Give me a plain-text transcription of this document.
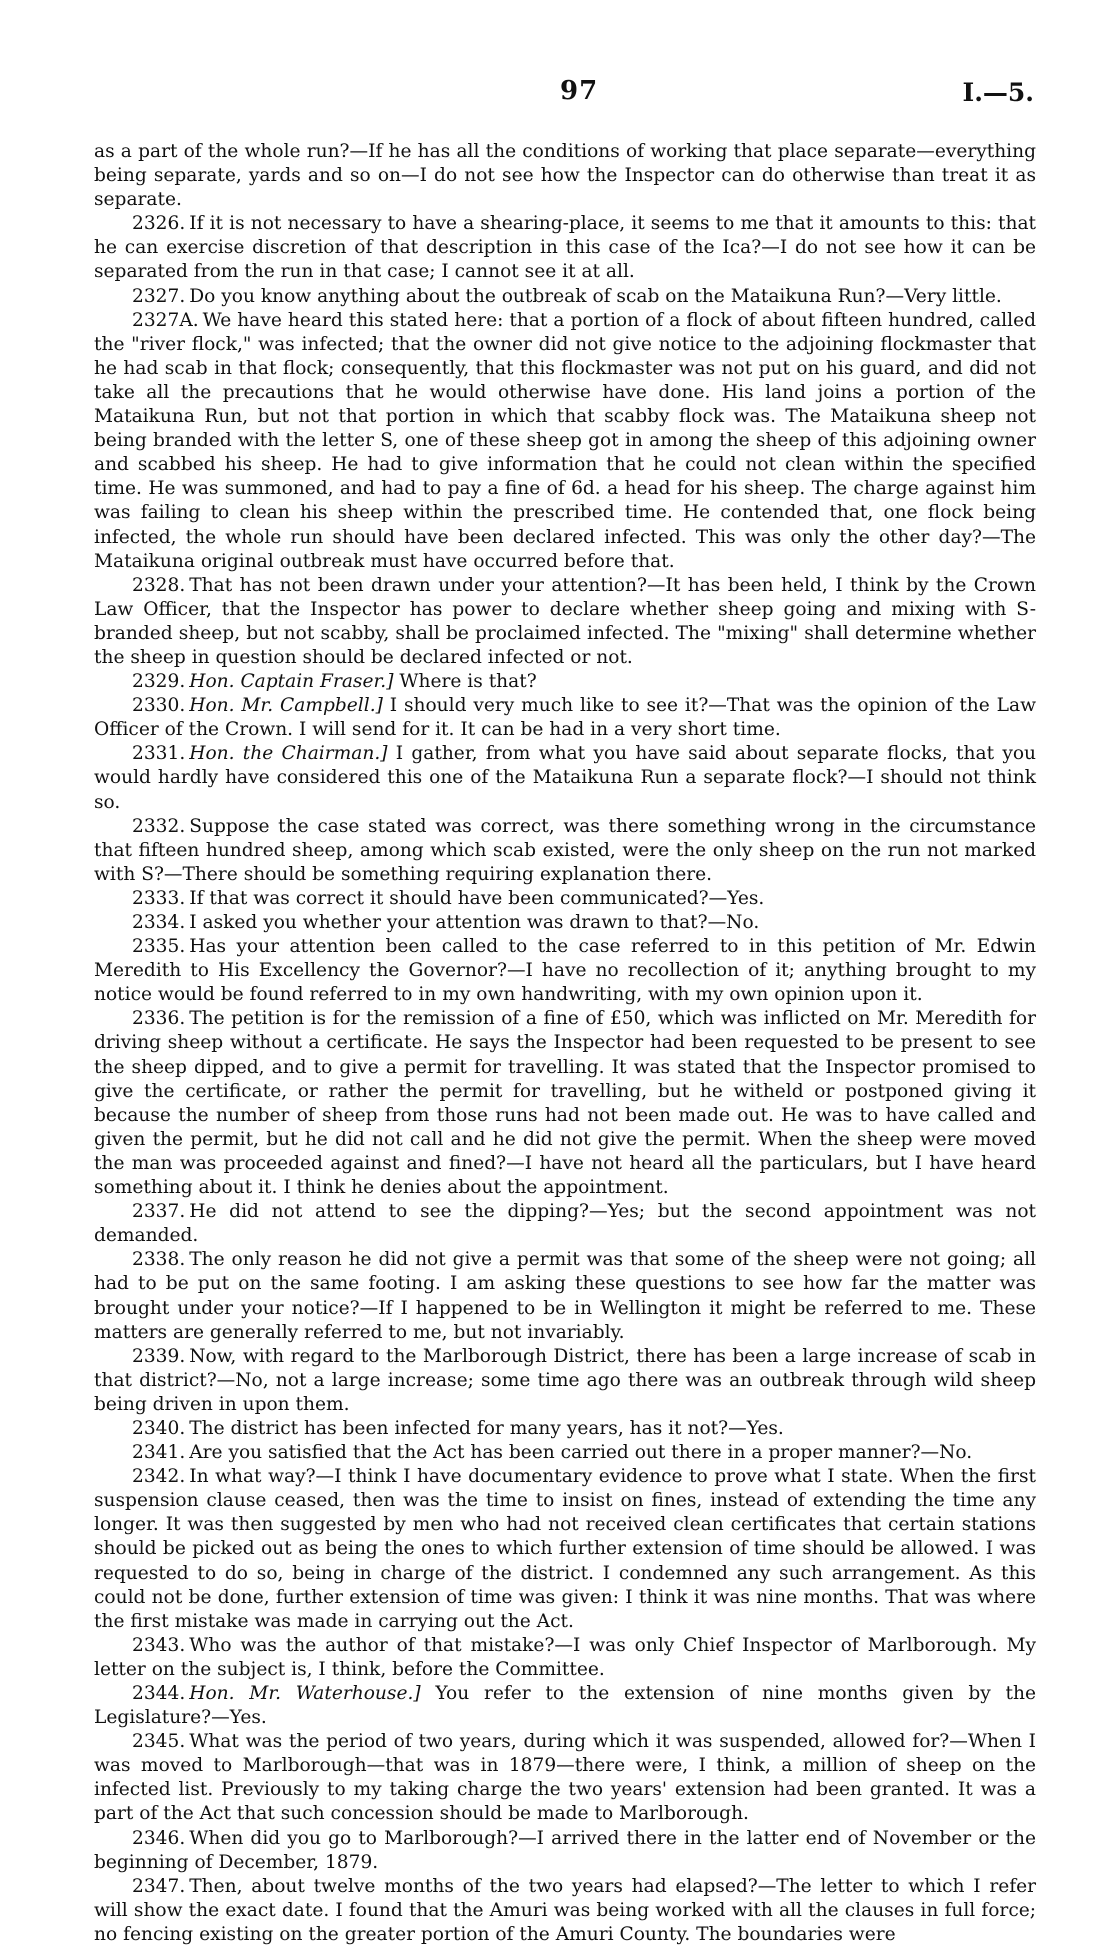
97	I.—5.

as a part of the whole run?—If he has all the conditions of working that place separate—everything being separate, yards and so on—I do not see how the Inspector can do otherwise than treat it as separate.

2326. If it is not necessary to have a shearing-place, it seems to me that it amounts to this: that he can exercise discretion of that description in this case of the Ica?—I do not see how it can be separated from the run in that case; I cannot see it at all.

2327. Do you know anything about the outbreak of scab on the Mataikuna Run?—Very little.

2327A. We have heard this stated here: that a portion of a flock of about fifteen hundred, called the "river flock," was infected; that the owner did not give notice to the adjoining flockmaster that he had scab in that flock; consequently, that this flockmaster was not put on his guard, and did not take all the precautions that he would otherwise have done. His land joins a portion of the Mataikuna Run, but not that portion in which that scabby flock was. The Mataikuna sheep not being branded with the letter S, one of these sheep got in among the sheep of this adjoining owner and scabbed his sheep. He had to give information that he could not clean within the specified time. He was summoned, and had to pay a fine of 6d. a head for his sheep. The charge against him was failing to clean his sheep within the prescribed time. He contended that, one flock being infected, the whole run should have been declared infected. This was only the other day?—The Mataikuna original outbreak must have occurred before that.

2328. That has not been drawn under your attention?—It has been held, I think by the Crown Law Officer, that the Inspector has power to declare whether sheep going and mixing with S-branded sheep, but not scabby, shall be proclaimed infected. The "mixing" shall determine whether the sheep in question should be declared infected or not.

2329. Hon. Captain Fraser.] Where is that?

2330. Hon. Mr. Campbell.] I should very much like to see it?—That was the opinion of the Law Officer of the Crown. I will send for it. It can be had in a very short time.

2331. Hon. the Chairman.] I gather, from what you have said about separate flocks, that you would hardly have considered this one of the Mataikuna Run a separate flock?—I should not think so.

2332. Suppose the case stated was correct, was there something wrong in the circumstance that fifteen hundred sheep, among which scab existed, were the only sheep on the run not marked with S?—There should be something requiring explanation there.

2333. If that was correct it should have been communicated?—Yes.

2334. I asked you whether your attention was drawn to that?—No.

2335. Has your attention been called to the case referred to in this petition of Mr. Edwin Meredith to His Excellency the Governor?—I have no recollection of it; anything brought to my notice would be found referred to in my own handwriting, with my own opinion upon it.

2336. The petition is for the remission of a fine of £50, which was inflicted on Mr. Meredith for driving sheep without a certificate. He says the Inspector had been requested to be present to see the sheep dipped, and to give a permit for travelling. It was stated that the Inspector promised to give the certificate, or rather the permit for travelling, but he witheld or postponed giving it because the number of sheep from those runs had not been made out. He was to have called and given the permit, but he did not call and he did not give the permit. When the sheep were moved the man was proceeded against and fined?—I have not heard all the particulars, but I have heard something about it. I think he denies about the appointment.

2337. He did not attend to see the dipping?—Yes; but the second appointment was not demanded.

2338. The only reason he did not give a permit was that some of the sheep were not going; all had to be put on the same footing. I am asking these questions to see how far the matter was brought under your notice?—If I happened to be in Wellington it might be referred to me. These matters are generally referred to me, but not invariably.

2339. Now, with regard to the Marlborough District, there has been a large increase of scab in that district?—No, not a large increase; some time ago there was an outbreak through wild sheep being driven in upon them.

2340. The district has been infected for many years, has it not?—Yes.

2341. Are you satisfied that the Act has been carried out there in a proper manner?—No.

2342. In what way?—I think I have documentary evidence to prove what I state. When the first suspension clause ceased, then was the time to insist on fines, instead of extending the time any longer. It was then suggested by men who had not received clean certificates that certain stations should be picked out as being the ones to which further extension of time should be allowed. I was requested to do so, being in charge of the district. I condemned any such arrangement. As this could not be done, further extension of time was given: I think it was nine months. That was where the first mistake was made in carrying out the Act.

2343. Who was the author of that mistake?—I was only Chief Inspector of Marlborough. My letter on the subject is, I think, before the Committee.

2344. Hon. Mr. Waterhouse.] You refer to the extension of nine months given by the Legislature?—Yes.

2345. What was the period of two years, during which it was suspended, allowed for?—When I was moved to Marlborough—that was in 1879—there were, I think, a million of sheep on the infected list. Previously to my taking charge the two years' extension had been granted. It was a part of the Act that such concession should be made to Marlborough.

2346. When did you go to Marlborough?—I arrived there in the latter end of November or the beginning of December, 1879.

2347. Then, about twelve months of the two years had elapsed?—The letter to which I refer will show the exact date. I found that the Amuri was being worked with all the clauses in full force; no fencing existing on the greater portion of the Amuri County. The boundaries were
